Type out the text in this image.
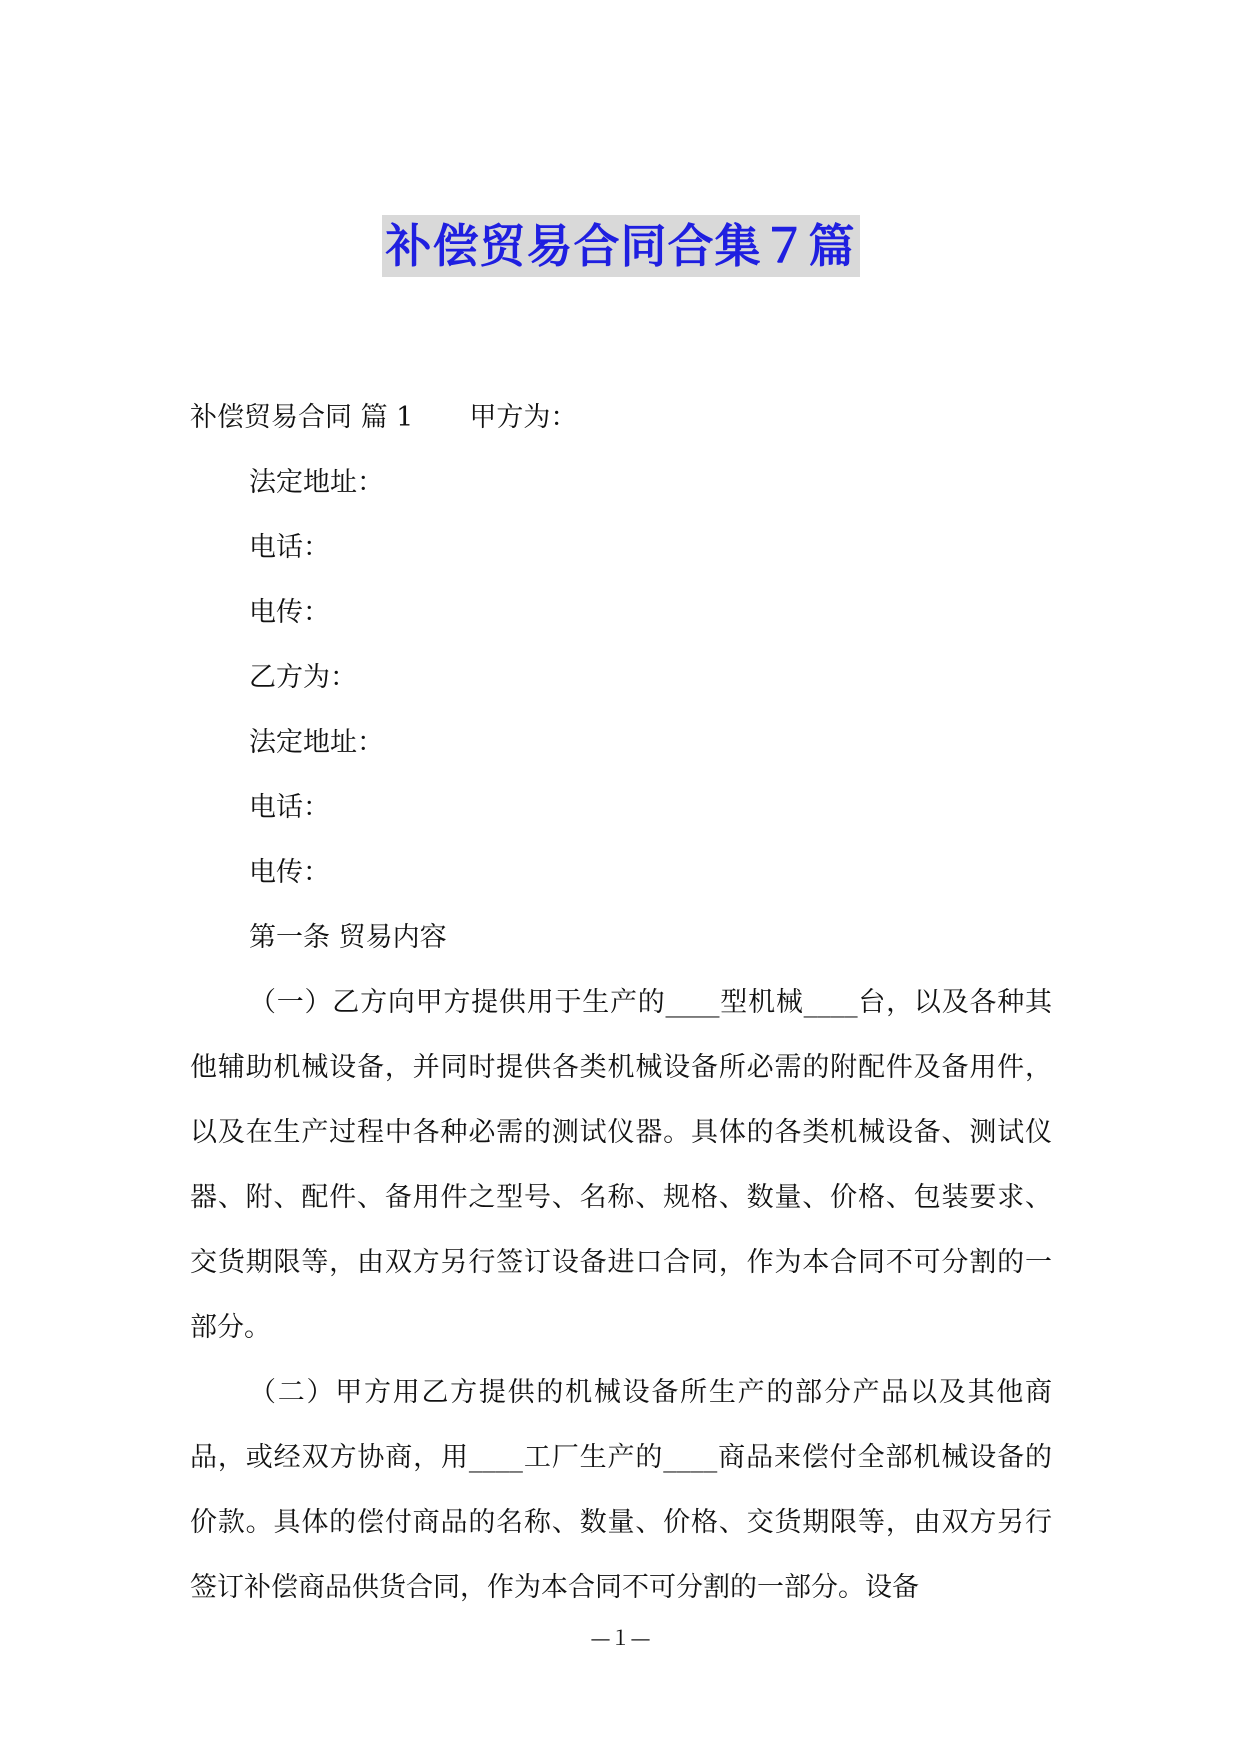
补偿贸易合同合集７篇
补偿贸易合同 篇 1 甲方为：
法定地址：
电话：
电传：
乙方为：
法定地址：
电话：
电传：
第一条 贸易内容

（一）乙方向甲方提供用于生产的____型机械____台，以及各种其他辅助机械设备，并同时提供各类机械设备所必需的附配件及备用件，以及在生产过程中各种必需的测试仪器。具体的各类机械设备、测试仪器、附、配件、备用件之型号、名称、规格、数量、价格、包装要求、交货期限等，由双方另行签订设备进口合同，作为本合同不可分割的一部分。

（二）甲方用乙方提供的机械设备所生产的部分产品以及其他商品，或经双方协商，用____工厂生产的____商品来偿付全部机械设备的价款。具体的偿付商品的名称、数量、价格、交货期限等，由双方另行签订补偿商品供货合同，作为本合同不可分割的一部分。设备

—１—
